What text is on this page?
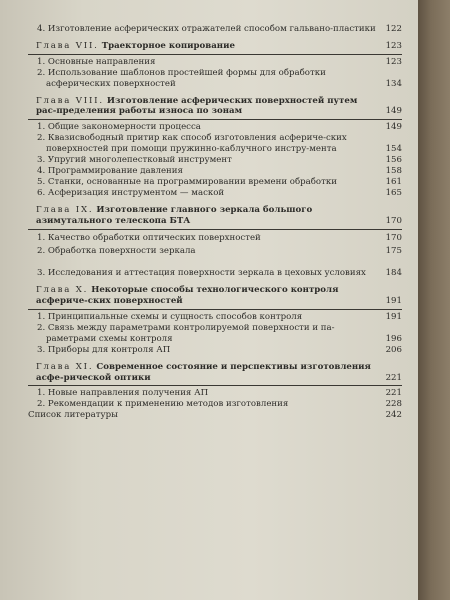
4. Изготовление асферических отражателей способом гальвано-пластики	122
Глава VII. Траекторное копирование	123
1. Основные направления	123
2. Использование шаблонов простейшей формы для обработки асферических поверхностей	134
Глава VIII. Изготовление асферических поверхностей путем рас-пределения работы износа по зонам	149
1. Общие закономерности процесса	149
2. Квазисвободный притир как способ изготовления асфериче-ских поверхностей при помощи пружинно-каблучного инстру-мента	154
3. Упругий многолепестковый инструмент	156
4. Программирование давления	158
5. Станки, основанные на программировании времени обработки	161
6. Асферизация инструментом — маской	165
Глава IX. Изготовление главного зеркала большого азимутального телескопа БТА	170
1. Качество обработки оптических поверхностей	170
2. Обработка поверхности зеркала	175
3. Исследования и аттестация поверхности зеркала в цеховых условиях	184
Глава X. Некоторые способы технологического контроля асфериче-ских поверхностей	191
1. Принципиальные схемы и сущность способов контроля	191
2. Связь между параметрами контролируемой поверхности и па-раметрами схемы контроля	196
3. Приборы для контроля АП	206
Глава XI. Современное состояние и перспективы изготовления асфе-рической оптики	221
1. Новые направления получения АП	221
2. Рекомендации к применению методов изготовления	228
Список литературы	242
